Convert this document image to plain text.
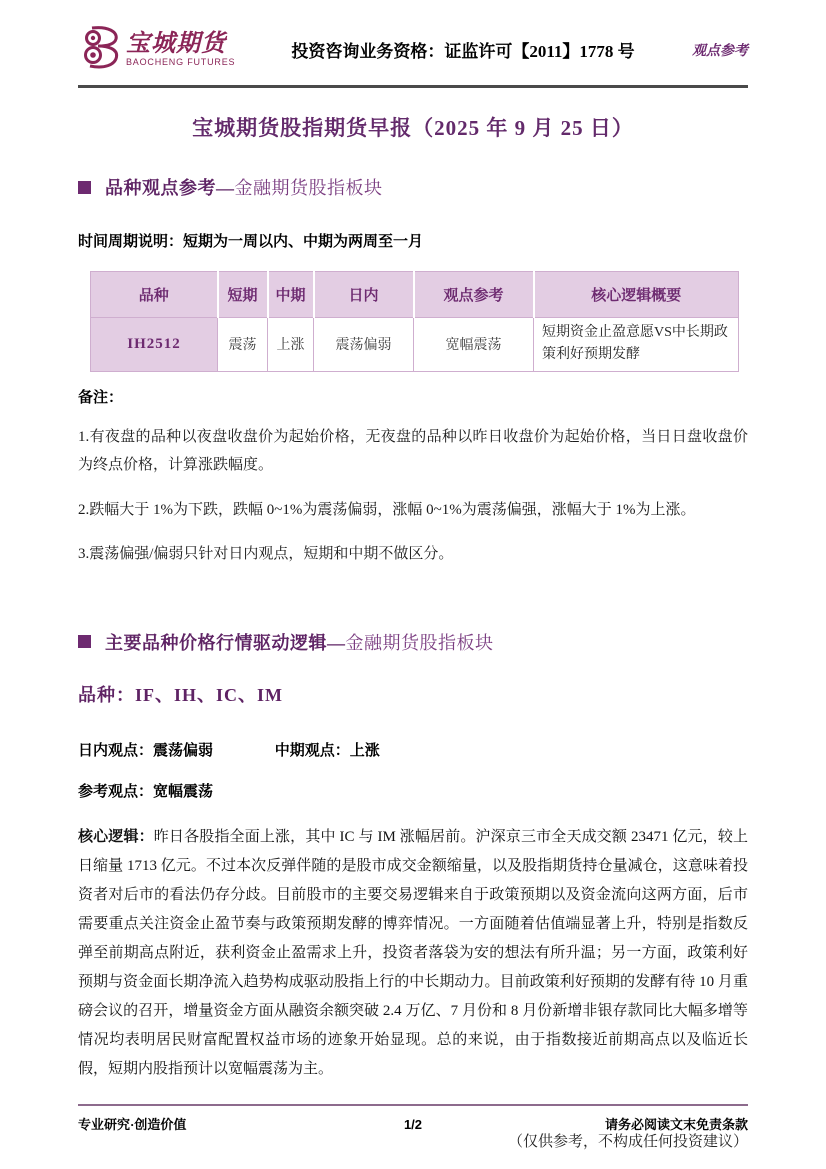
宝城期货
BAOCHENG FUTURES
投资咨询业务资格：证监许可【2011】1778 号	观点参考
宝城期货股指期货早报（2025 年 9 月 25 日）
品种观点参考— 金融期货股指板块
时间周期说明：短期为一周以内、中期为两周至一月
品种	短期	中期	日内	观点参考	核心逻辑概要
IH2512	震荡	上涨	震荡偏弱	宽幅震荡	短期资金止盈意愿VS中长期政策利好预期发酵
备注：
1.有夜盘的品种以夜盘收盘价为起始价格，无夜盘的品种以昨日收盘价为起始价格，当日日盘收盘价为终点价格，计算涨跌幅度。
2.跌幅大于 1%为下跌，跌幅 0~1%为震荡偏弱，涨幅 0~1%为震荡偏强，涨幅大于 1%为上涨。
3.震荡偏强/偏弱只针对日内观点，短期和中期不做区分。
主要品种价格行情驱动逻辑— 金融期货股指板块
品种：IF、IH、IC、IM
日内观点：震荡偏弱	中期观点：上涨
参考观点：宽幅震荡
核心逻辑：昨日各股指全面上涨，其中 IC 与 IM 涨幅居前。沪深京三市全天成交额 23471 亿元，较上日缩量 1713 亿元。不过本次反弹伴随的是股市成交金额缩量，以及股指期货持仓量减仓，这意味着投资者对后市的看法仍存分歧。目前股市的主要交易逻辑来自于政策预期以及资金流向这两方面，后市需要重点关注资金止盈节奏与政策预期发酵的博弈情况。一方面随着估值端显著上升，特别是指数反弹至前期高点附近，获利资金止盈需求上升，投资者落袋为安的想法有所升温；另一方面，政策利好预期与资金面长期净流入趋势构成驱动股指上行的中长期动力。目前政策利好预期的发酵有待 10 月重磅会议的召开，增量资金方面从融资余额突破 2.4 万亿、7 月份和 8 月份新增非银存款同比大幅多增等情况均表明居民财富配置权益市场的迹象开始显现。总的来说，由于指数接近前期高点以及临近长假，短期内股指预计以宽幅震荡为主。
（仅供参考，不构成任何投资建议）
专业研究·创造价值	1/2	请务必阅读文末免责条款
